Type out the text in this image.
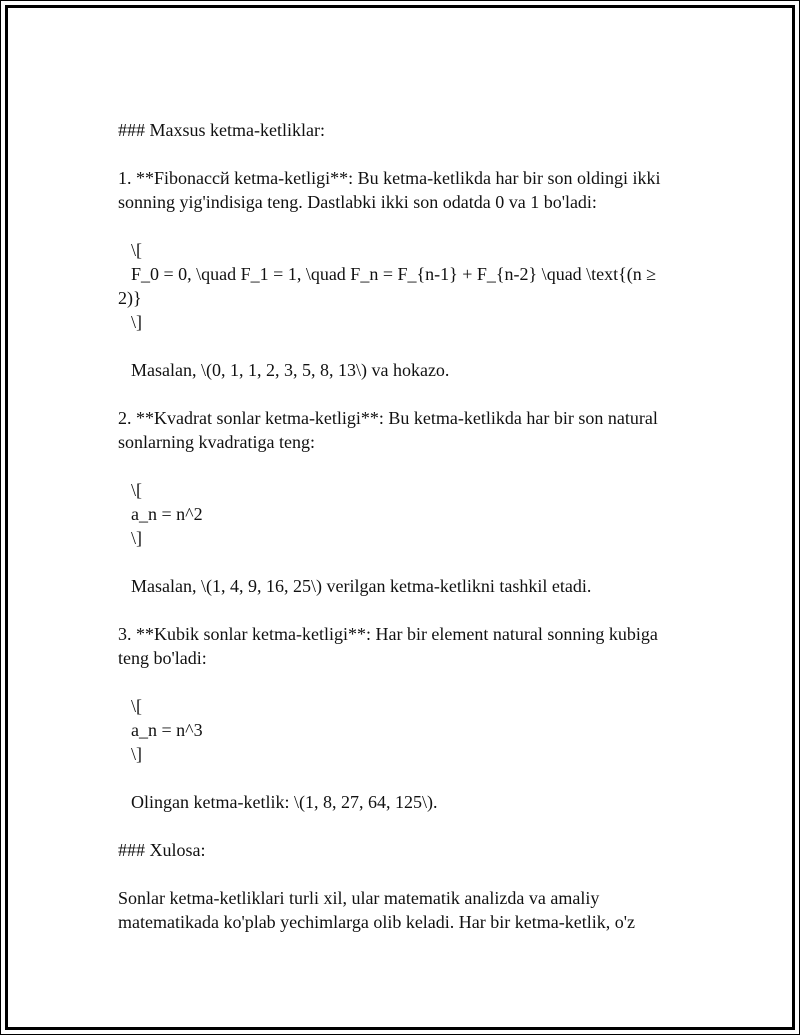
### Maxsus ketma-ketliklar:

1. **Fibonacсй ketma-ketligi**: Bu ketma-ketlikda har bir son oldingi ikki

sonning yig'indisiga teng. Dastlabki ikki son odatda 0 va 1 bo'ladi:

\[

F_0 = 0, \quad F_1 = 1, \quad F_n = F_{n-1} + F_{n-2} \quad \text{(n ≥

2)}

\]

Masalan, \(0, 1, 1, 2, 3, 5, 8, 13\) va hokazo.

2. **Kvadrat sonlar ketma-ketligi**: Bu ketma-ketlikda har bir son natural

sonlarning kvadratiga teng:

\[

a_n = n^2

\]

Masalan, \(1, 4, 9, 16, 25\) verilgan ketma-ketlikni tashkil etadi.

3. **Kubik sonlar ketma-ketligi**: Har bir element natural sonning kubiga

teng bo'ladi:

\[

a_n = n^3

\]

Olingan ketma-ketlik: \(1, 8, 27, 64, 125\).

### Xulosa:

Sonlar ketma-ketliklari turli xil, ular matematik analizda va amaliy

matematikada ko'plab yechimlarga olib keladi. Har bir ketma-ketlik, o'z
